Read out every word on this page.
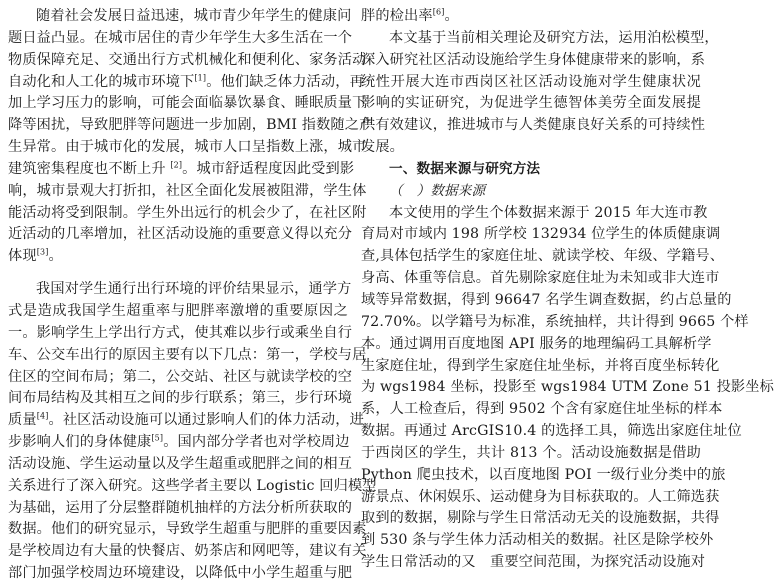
随着社会发展日益迅速，城市青少年学生的健康问
题日益凸显。在城市居住的青少年学生大多生活在一个
物质保障充足、交通出行方式机械化和便利化、家务活动
自动化和人工化的城市环境下[1]。他们缺乏体力活动，再
加上学习压力的影响，可能会面临暴饮暴食、睡眠质量下
降等困扰，导致肥胖等问题进一步加剧，BMI 指数随之产
生异常。由于城市化的发展，城市人口呈指数上涨，城市
建筑密集程度也不断上升 [2]。城市舒适程度因此受到影
响，城市景观大打折扣，社区全面化发展被阻滞，学生体
能活动将受到限制。学生外出远行的机会少了，在社区附
近活动的几率增加，社区活动设施的重要意义得以充分
体现[3]。
我国对学生通行出行环境的评价结果显示，通学方
式是造成我国学生超重率与肥胖率激增的重要原因之
一。影响学生上学出行方式，使其难以步行或乘坐自行
车、公交车出行的原因主要有以下几点：第一，学校与居
住区的空间布局；第二，公交站、社区与就读学校的空
间布局结构及其相互之间的步行联系；第三，步行环境
质量[4]。社区活动设施可以通过影响人们的体力活动，进
步影响人们的身体健康[5]。国内部分学者也对学校周边
活动设施、学生运动量以及学生超重或肥胖之间的相互
关系进行了深入研究。这些学者主要以 Logistic 回归模型
为基础，运用了分层整群随机抽样的方法分析所获取的
数据。他们的研究显示，导致学生超重与肥胖的重要因素
是学校周边有大量的快餐店、奶茶店和网吧等，建议有关
部门加强学校周边环境建设，以降低中小学生超重与肥
胖的检出率[6]。
本文基于当前相关理论及研究方法，运用泊松模型，
深入研究社区活动设施给学生身体健康带来的影响，系
统性开展大连市西岗区社区活动设施对学生健康状况
影响的实证研究，为促进学生德智体美劳全面发展提
供有效建议，推进城市与人类健康良好关系的可持续性
发展。
一、数据来源与研究方法
（　）数据来源
本文使用的学生个体数据来源于 2015 年大连市教
育局对市域内 198 所学校 132934 位学生的体质健康调
查,具体包括学生的家庭住址、就读学校、年级、学籍号、
身高、体重等信息。首先剔除家庭住址为未知或非大连市
域等异常数据，得到 96647 名学生调查数据，约占总量的
72.70%。以学籍号为标准，系统抽样，共计得到 9665 个样
本。通过调用百度地图 API 服务的地理编码工具解析学
生家庭住址，得到学生家庭住址坐标，并将百度坐标转化
为 wgs1984 坐标，投影至 wgs1984 UTM Zone 51 投影坐标
系，人工检查后，得到 9502 个含有家庭住址坐标的样本
数据。再通过 ArcGIS10.4 的选择工具，筛选出家庭住址位
于西岗区的学生，共计 813 个。活动设施数据是借助
Python 爬虫技术，以百度地图 POI 一级行业分类中的旅
游景点、休闲娱乐、运动健身为目标获取的。人工筛选获
取到的数据，剔除与学生日常活动无关的设施数据，共得
到 530 条与学生体力活动相关的数据。社区是除学校外
学生日常活动的又　重要空间范围，为探究活动设施对
